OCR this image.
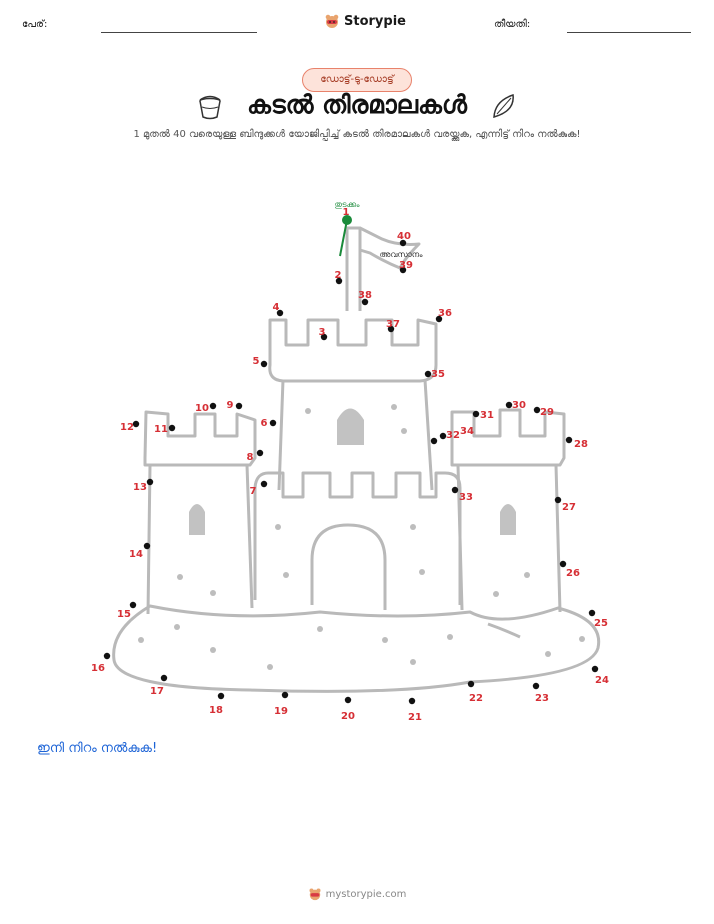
പേര്:	Storypie	തീയതി:
ഡോട്ട്-ടു-ഡോട്ട്
കടൽ തിരമാലകൾ
1 മുതൽ 40 വരെയുള്ള ബിന്ദുക്കൾ യോജിപ്പിച്ച് കടൽ തിരമാലകൾ വരയ്ക്കുക, എന്നിട്ട് നിറം നൽകുക!
തുടക്കം
അവസാനം
1
2
3
4
5
6
7
8
9
10
11
12
13
14
15
16
17
18	19	20	21
22	23
24
25
26
27
28
29
30
31
32
33
34
35
36
37
38
39
40
ഇനി നിറം നൽകുക!
mystorypie.com
